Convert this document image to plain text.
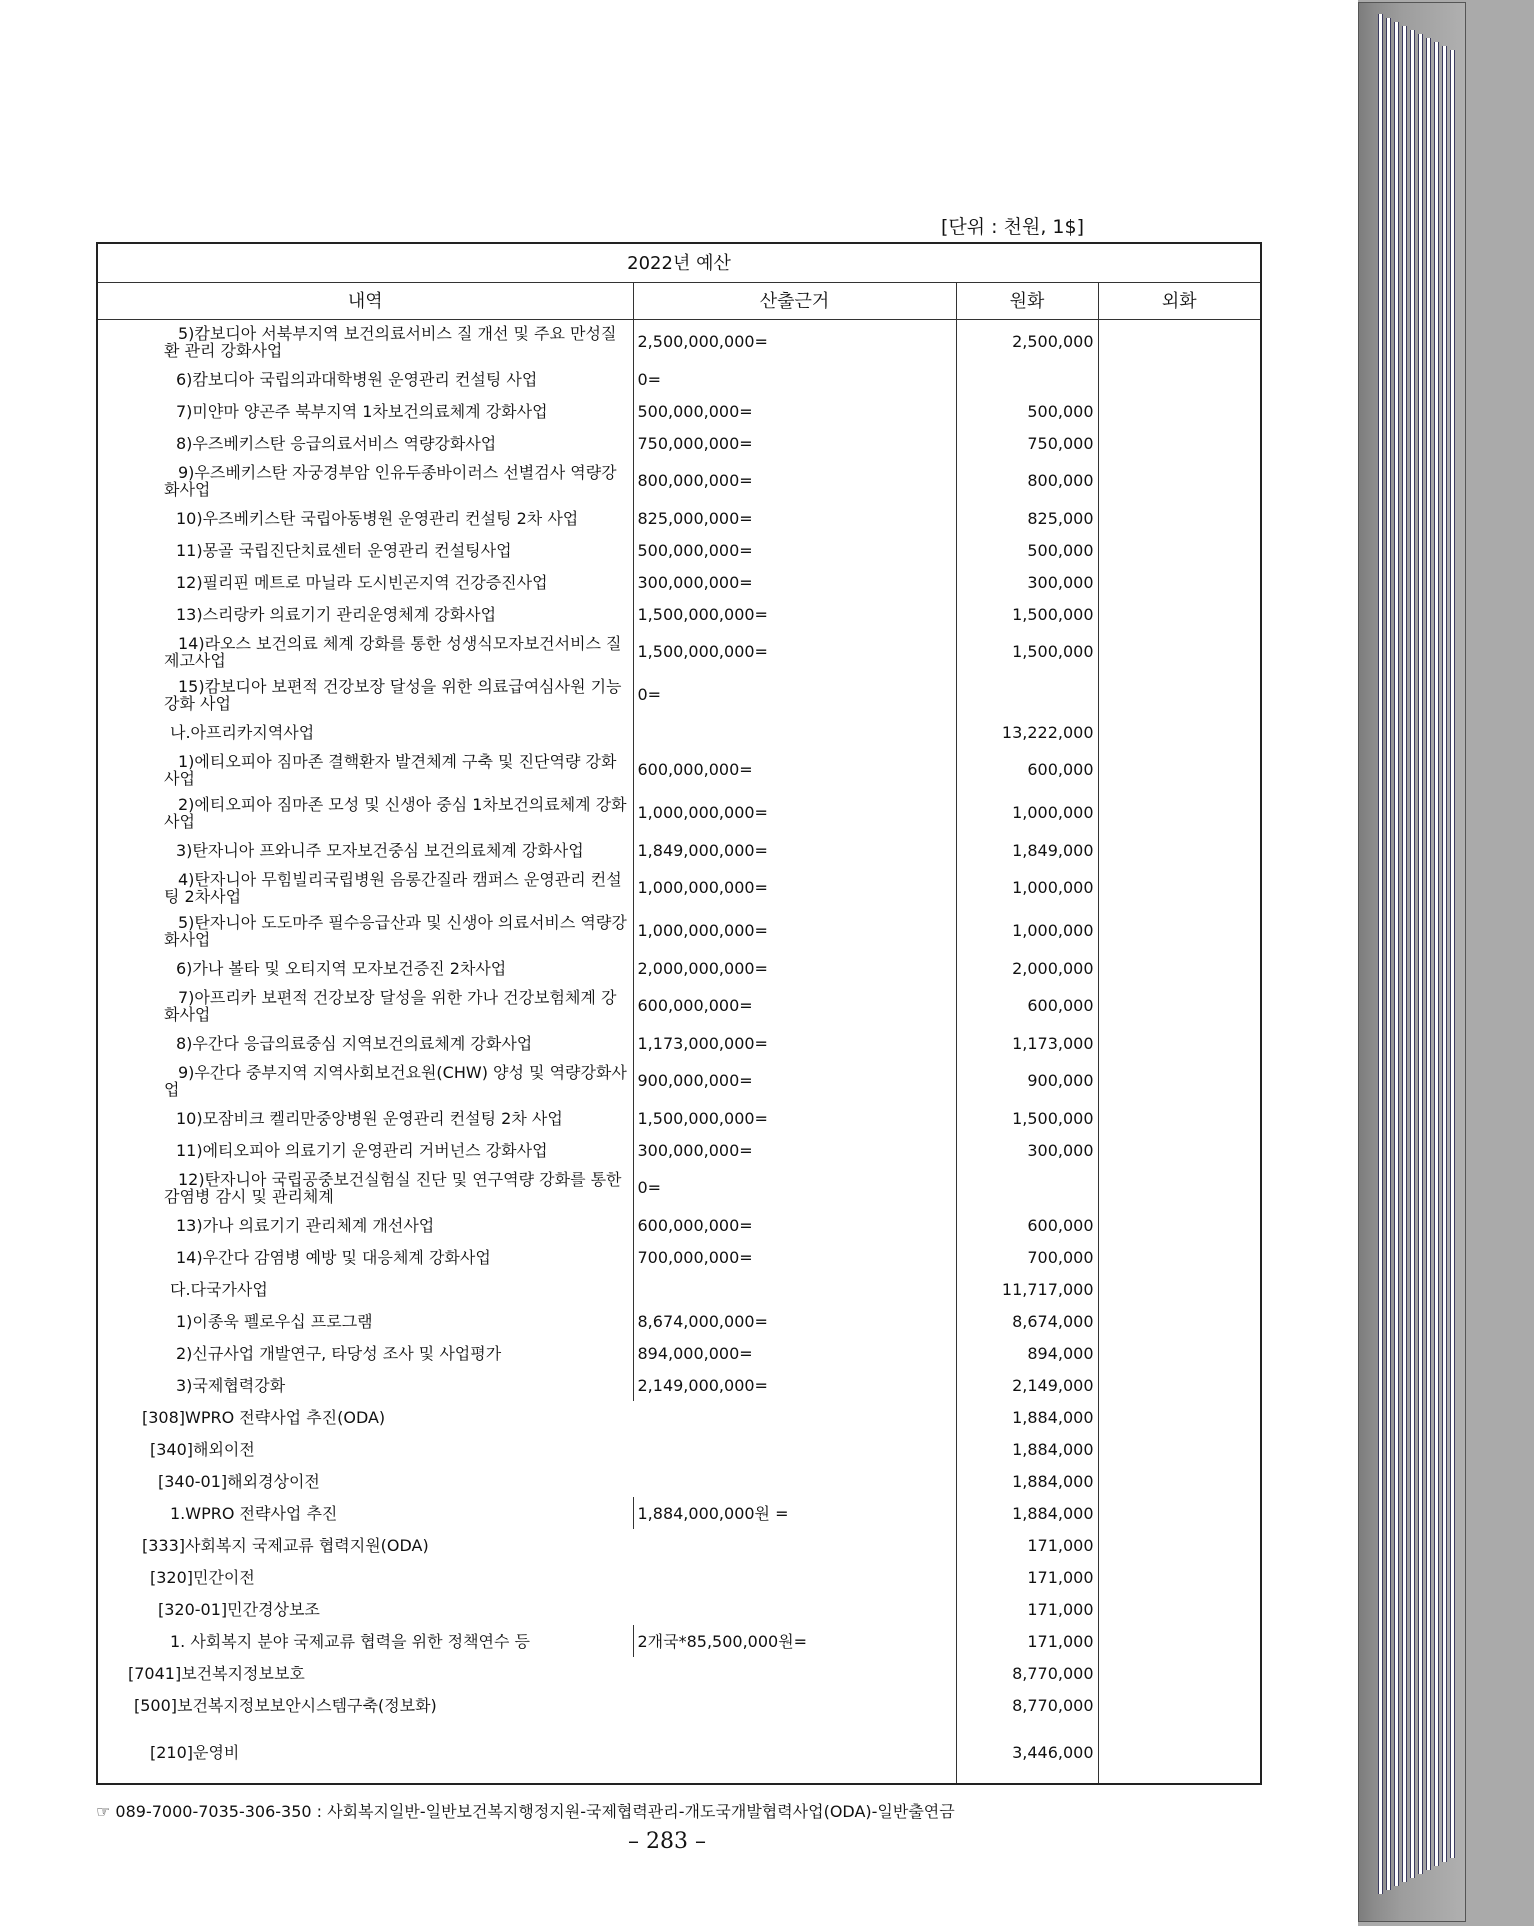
[단위 : 천원, 1$]
2022년 예산			
내역	산출근거	원화	외화
5)캄보디아 서북부지역 보건의료서비스 질 개선 및 주요 만성질환 관리 강화사업	2,500,000,000=	2,500,000	
6)캄보디아 국립의과대학병원 운영관리 컨설팅 사업	0=		
7)미얀마 양곤주 북부지역 1차보건의료체계 강화사업	500,000,000=	500,000	
8)우즈베키스탄 응급의료서비스 역량강화사업	750,000,000=	750,000	
9)우즈베키스탄 자궁경부암 인유두종바이러스 선별검사 역량강화사업	800,000,000=	800,000	
10)우즈베키스탄 국립아동병원 운영관리 컨설팅 2차 사업	825,000,000=	825,000	
11)몽골 국립진단치료센터 운영관리 컨설팅사업	500,000,000=	500,000	
12)필리핀 메트로 마닐라 도시빈곤지역 건강증진사업	300,000,000=	300,000	
13)스리랑카 의료기기 관리운영체계 강화사업	1,500,000,000=	1,500,000	
14)라오스 보건의료 체계 강화를 통한 성생식모자보건서비스 질 제고사업	1,500,000,000=	1,500,000	
15)캄보디아 보편적 건강보장 달성을 위한 의료급여심사원 기능 강화 사업	0=		
나.아프리카지역사업		13,222,000	
1)에티오피아 짐마존 결핵환자 발견체계 구축 및 진단역량 강화사업	600,000,000=	600,000	
2)에티오피아 짐마존 모성 및 신생아 중심 1차보건의료체계 강화사업	1,000,000,000=	1,000,000	
3)탄자니아 프와니주 모자보건중심 보건의료체계 강화사업	1,849,000,000=	1,849,000	
4)탄자니아 무힘빌리국립병원 음롱간질라 캠퍼스 운영관리 컨설팅 2차사업	1,000,000,000=	1,000,000	
5)탄자니아 도도마주 필수응급산과 및 신생아 의료서비스 역량강화사업	1,000,000,000=	1,000,000	
6)가나 볼타 및 오티지역 모자보건증진 2차사업	2,000,000,000=	2,000,000	
7)아프리카 보편적 건강보장 달성을 위한 가나 건강보험체계 강화사업	600,000,000=	600,000	
8)우간다 응급의료중심 지역보건의료체계 강화사업	1,173,000,000=	1,173,000	
9)우간다 중부지역 지역사회보건요원(CHW) 양성 및 역량강화사업	900,000,000=	900,000	
10)모잠비크 켈리만중앙병원 운영관리 컨설팅 2차 사업	1,500,000,000=	1,500,000	
11)에티오피아 의료기기 운영관리 거버넌스 강화사업	300,000,000=	300,000	
12)탄자니아 국립공중보건실험실 진단 및 연구역량 강화를 통한 감염병 감시 및 관리체계	0=		
13)가나 의료기기 관리체계 개선사업	600,000,000=	600,000	
14)우간다 감염병 예방 및 대응체계 강화사업	700,000,000=	700,000	
다.다국가사업		11,717,000	
1)이종욱 펠로우십 프로그램	8,674,000,000=	8,674,000	
2)신규사업 개발연구, 타당성 조사 및 사업평가	894,000,000=	894,000	
3)국제협력강화	2,149,000,000=	2,149,000	
[308]WPRO 전략사업 추진(ODA)		1,884,000	
[340]해외이전		1,884,000	
[340-01]해외경상이전		1,884,000	
1.WPRO 전략사업 추진	1,884,000,000원 =	1,884,000	
[333]사회복지 국제교류 협력지원(ODA)		171,000	
[320]민간이전		171,000	
[320-01]민간경상보조		171,000	
1. 사회복지 분야 국제교류 협력을 위한 정책연수 등	2개국*85,500,000원=	171,000	
[7041]보건복지정보보호		8,770,000	
[500]보건복지정보보안시스템구축(정보화)		8,770,000	
[210]운영비		3,446,000	
☞ 089-7000-7035-306-350 : 사회복지일반-일반보건복지행정지원-국제협력관리-개도국개발협력사업(ODA)-일반출연금
– 283 –
